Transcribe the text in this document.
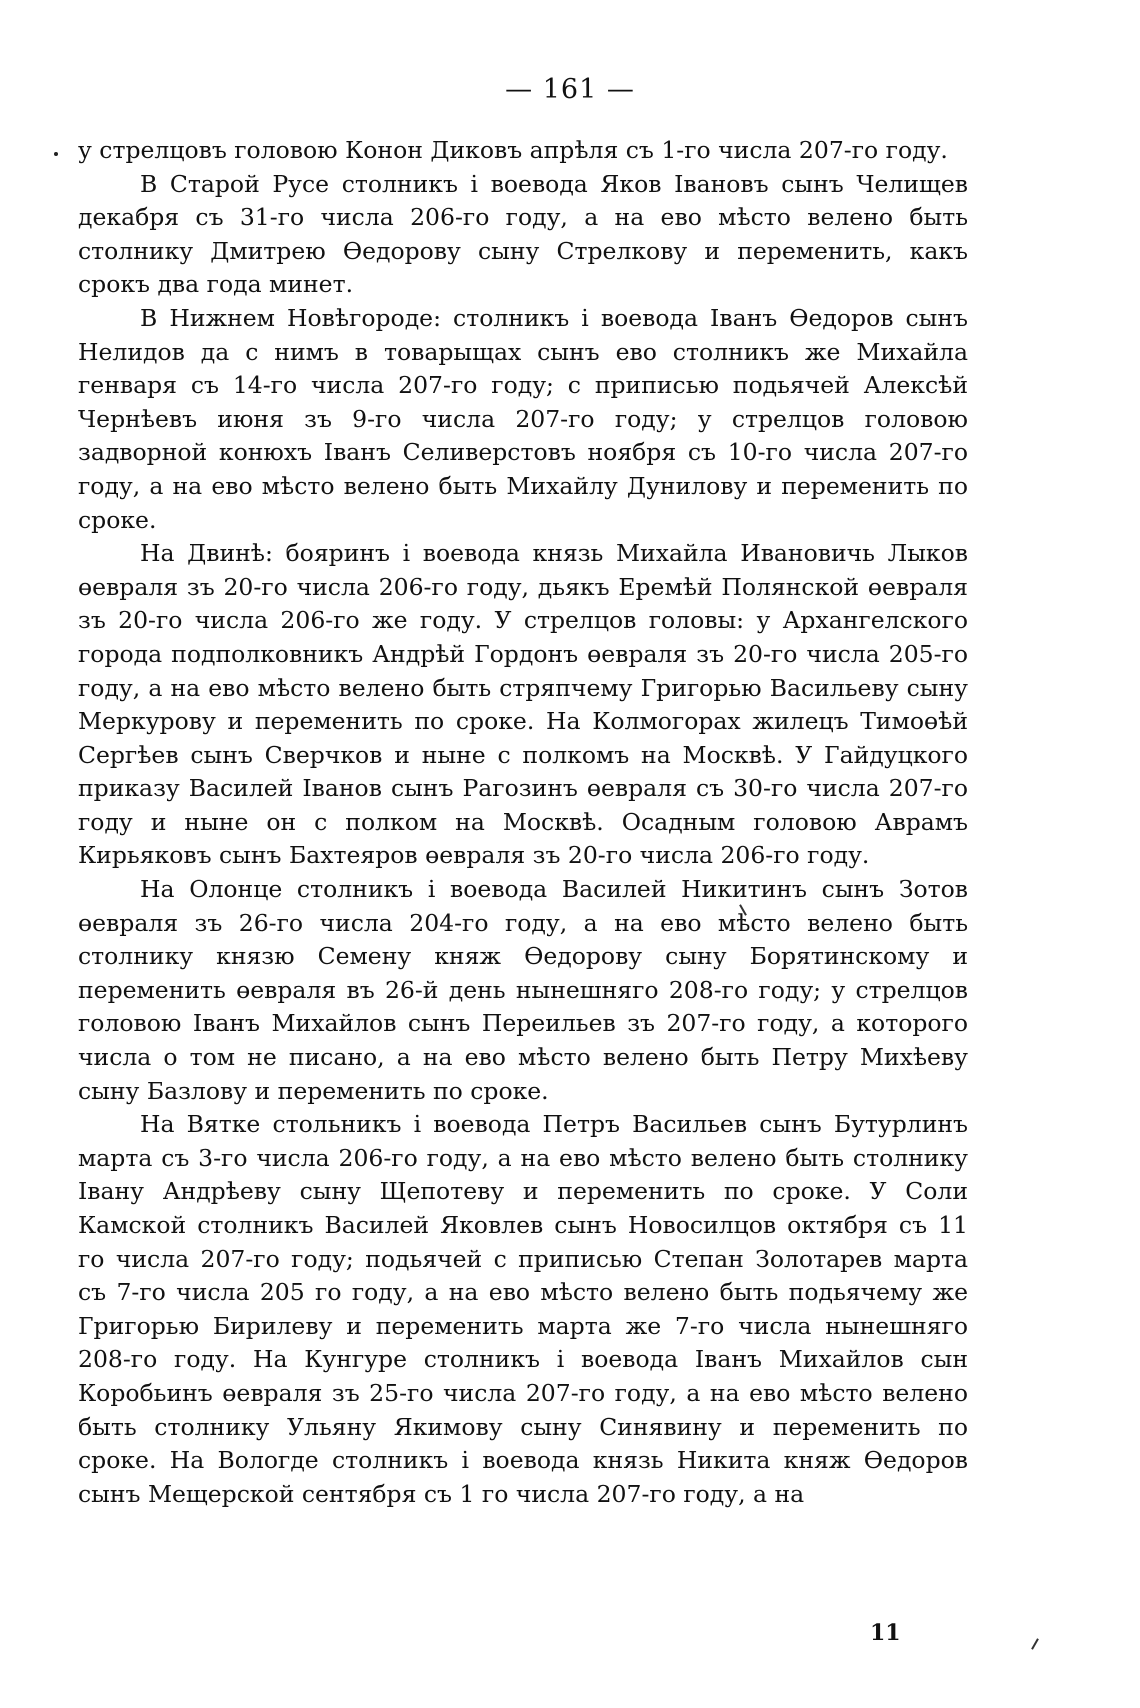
— 161 —

у стрелцовъ головою Конон Диковъ апрѣля съ 1-го числа 207-го году.

В Старой Русе столникъ і воевода Яков Івановъ сынъ Челищев декабря съ 31-го числа 206-го году, а на ево мѣсто велено быть столнику Дмитрею Өедорову сыну Стрелкову и переменить, какъ срокъ два года минет.

В Нижнем Новѣгороде: столникъ і воевода Іванъ Өедоров сынъ Нелидов да с нимъ в товарыщах сынъ ево столникъ же Михайла генваря съ 14-го числа 207-го году; с приписью подьячей Алексѣй Чернѣевъ июня зъ 9-го числа 207-го году; у стрелцов головою задворной конюхъ Іванъ Селиверстовъ ноября съ 10-го числа 207-го году, а на ево мѣсто велено быть Михайлу Дунилову и переменить по сроке.

На Двинѣ: бояринъ і воевода князь Михайла Ивановичь Лыков өевраля зъ 20-го числа 206-го году, дьякъ Еремѣй Полянской өевраля зъ 20-го числа 206-го же году. У стрелцов головы: у Архангелского города подполковникъ Андрѣй Гордонъ өевраля зъ 20-го числа 205-го году, а на ево мѣсто велено быть стряпчему Григорью Васильеву сыну Меркурову и переменить по сроке. На Колмогорах жилецъ Тимоөѣй Сергѣев сынъ Сверчков и ныне с полкомъ на Москвѣ. У Гайдуцкого приказу Василей Іванов сынъ Рагозинъ өевраля съ 30-го числа 207-го году и ныне он с полком на Москвѣ. Осадным головою Аврамъ Кирьяковъ сынъ Бахтеяров өевраля зъ 20-го числа 206-го году.

На Олонце столникъ і воевода Василей Никитинъ сынъ Зотов өевраля зъ 26-го числа 204-го году, а на ево мѣсто велено быть столнику князю Семену княж Өедорову сыну Борятинскому и переменить өевраля въ 26-й день нынешняго 208-го году; у стрелцов головою Іванъ Михайлов сынъ Переильев зъ 207-го году, а которого числа о том не писано, а на ево мѣсто велено быть Петру Михѣеву сыну Базлову и переменить по сроке.

На Вятке стольникъ і воевода Петръ Васильев сынъ Бутурлинъ марта съ 3-го числа 206-го году, а на ево мѣсто велено быть столнику Івану Андрѣеву сыну Щепотеву и переменить по сроке. У Соли Камской столникъ Василей Яковлев сынъ Новосилцов октября съ 11 го числа 207-го году; подьячей с приписью Степан Золотарев марта съ 7-го числа 205 го году, а на ево мѣсто велено быть подьячему же Григорью Бирилеву и переменить марта же 7-го числа нынешняго 208-го году. На Кунгуре столникъ і воевода Іванъ Михайлов сын Коробьинъ өевраля зъ 25-го числа 207-го году, а на ево мѣсто велено быть столнику Ульяну Якимову сыну Синявину и переменить по сроке. На Вологде столникъ і воевода князь Никита княж Өедоров сынъ Мещерской сентября съ 1 го числа 207-го году, а на

11
